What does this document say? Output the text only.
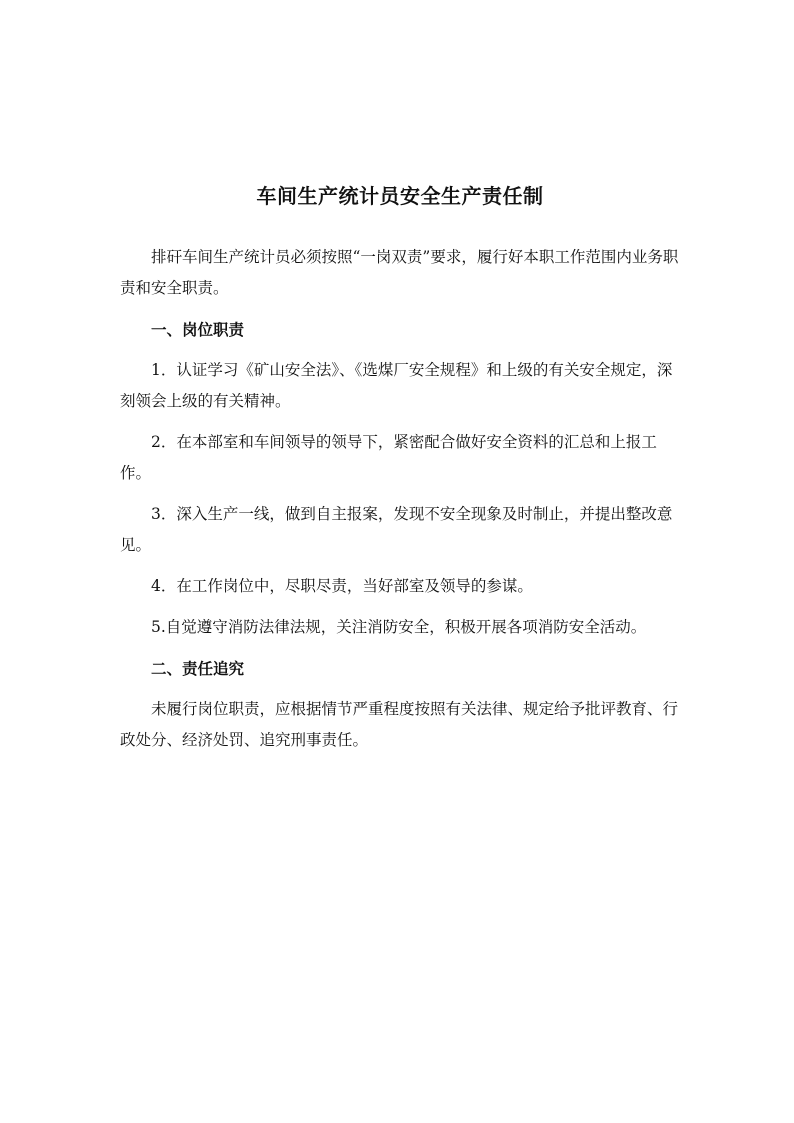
车间生产统计员安全生产责任制

排矸车间生产统计员必须按照“一岗双责”要求，履行好本职工作范围内业务职责和安全职责。

一、岗位职责

1．认证学习《矿山安全法》、《选煤厂安全规程》和上级的有关安全规定，深刻领会上级的有关精神。

2．在本部室和车间领导的领导下，紧密配合做好安全资料的汇总和上报工作。

3．深入生产一线，做到自主报案，发现不安全现象及时制止，并提出整改意见。

4．在工作岗位中，尽职尽责，当好部室及领导的参谋。

5.自觉遵守消防法律法规，关注消防安全，积极开展各项消防安全活动。

二、责任追究

未履行岗位职责，应根据情节严重程度按照有关法律、规定给予批评教育、行政处分、经济处罚、追究刑事责任。
